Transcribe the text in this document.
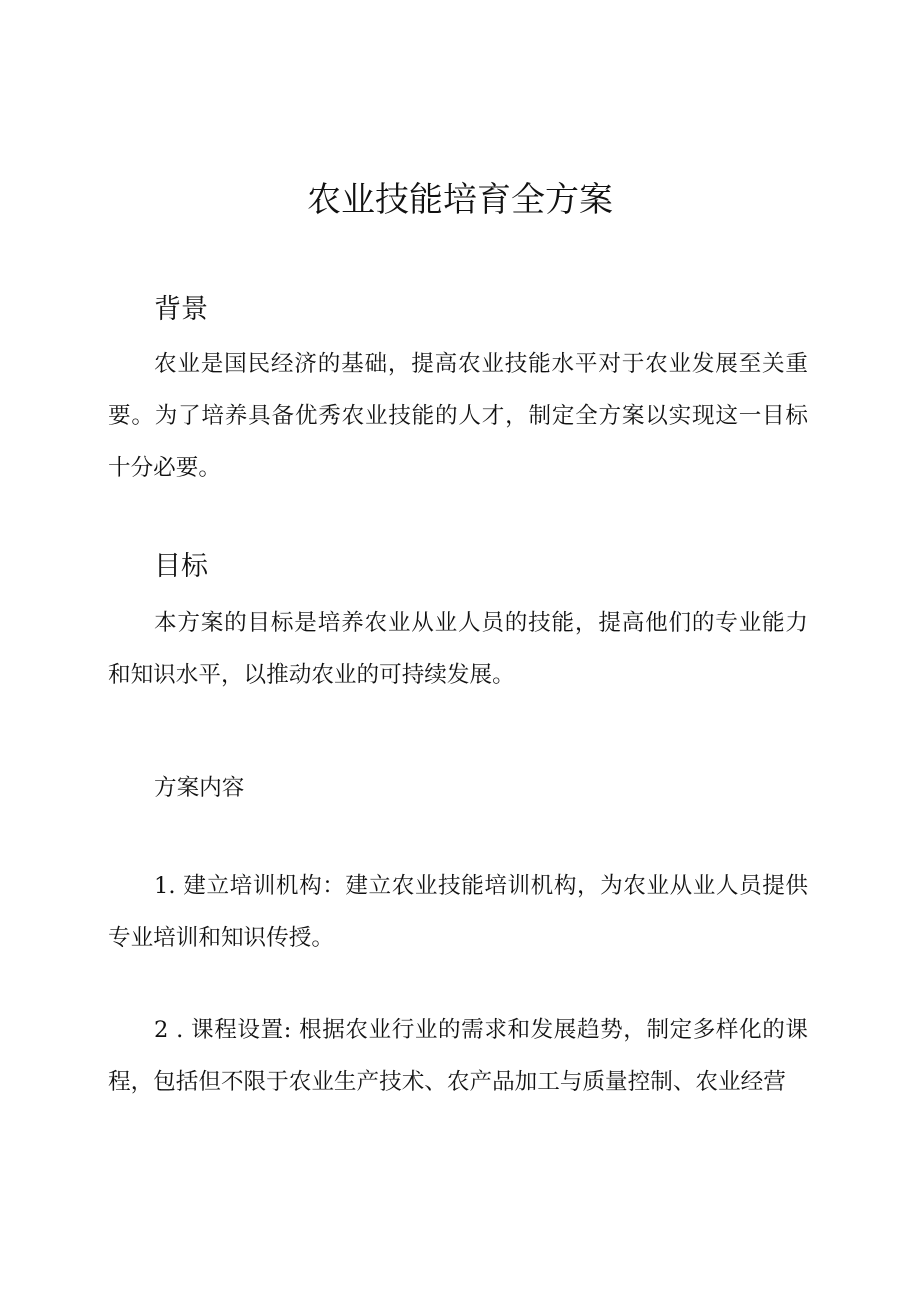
农业技能培育全方案
背景

农业是国民经济的基础，提高农业技能水平对于农业发展至关重要。为了培养具备优秀农业技能的人才，制定全方案以实现这一目标十分必要。

目标

本方案的目标是培养农业从业人员的技能，提高他们的专业能力和知识水平，以推动农业的可持续发展。

方案内容

1. 建立培训机构：建立农业技能培训机构，为农业从业人员提供专业培训和知识传授。

2 . 课程设置: 根据农业行业的需求和发展趋势，制定多样化的课程，包括但不限于农业生产技术、农产品加工与质量控制、农业经营
